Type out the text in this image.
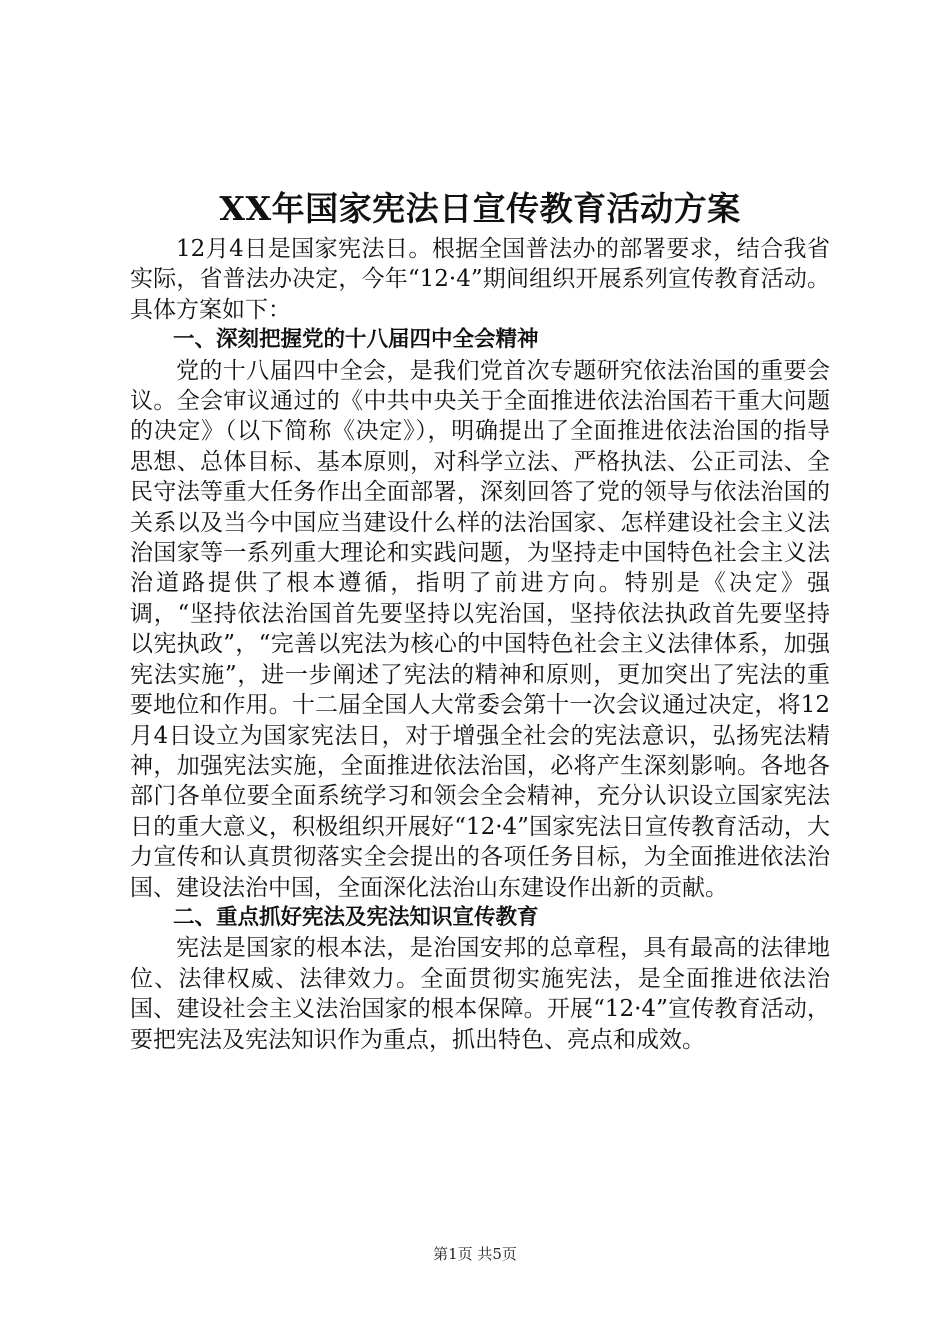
XX年国家宪法日宣传教育活动方案

12月4日是国家宪法日。根据全国普法办的部署要求，结合我省实际，省普法办决定，今年“12·4”期间组织开展系列宣传教育活动。具体方案如下：

一、深刻把握党的十八届四中全会精神

党的十八届四中全会，是我们党首次专题研究依法治国的重要会议。全会审议通过的《中共中央关于全面推进依法治国若干重大问题的决定》（以下简称《决定》），明确提出了全面推进依法治国的指导思想、总体目标、基本原则，对科学立法、严格执法、公正司法、全民守法等重大任务作出全面部署，深刻回答了党的领导与依法治国的关系以及当今中国应当建设什么样的法治国家、怎样建设社会主义法治国家等一系列重大理论和实践问题，为坚持走中国特色社会主义法治道路提供了根本遵循，指明了前进方向。特别是《决定》强调，“坚持依法治国首先要坚持以宪治国，坚持依法执政首先要坚持以宪执政”，“完善以宪法为核心的中国特色社会主义法律体系，加强宪法实施”，进一步阐述了宪法的精神和原则，更加突出了宪法的重要地位和作用。十二届全国人大常委会第十一次会议通过决定，将12月4日设立为国家宪法日，对于增强全社会的宪法意识，弘扬宪法精神，加强宪法实施，全面推进依法治国，必将产生深刻影响。各地各部门各单位要全面系统学习和领会全会精神，充分认识设立国家宪法日的重大意义，积极组织开展好“12·4”国家宪法日宣传教育活动，大力宣传和认真贯彻落实全会提出的各项任务目标，为全面推进依法治国、建设法治中国，全面深化法治山东建设作出新的贡献。

二、重点抓好宪法及宪法知识宣传教育

宪法是国家的根本法，是治国安邦的总章程，具有最高的法律地位、法律权威、法律效力。全面贯彻实施宪法，是全面推进依法治国、建设社会主义法治国家的根本保障。开展“12·4”宣传教育活动，要把宪法及宪法知识作为重点，抓出特色、亮点和成效。

第1页 共5页
